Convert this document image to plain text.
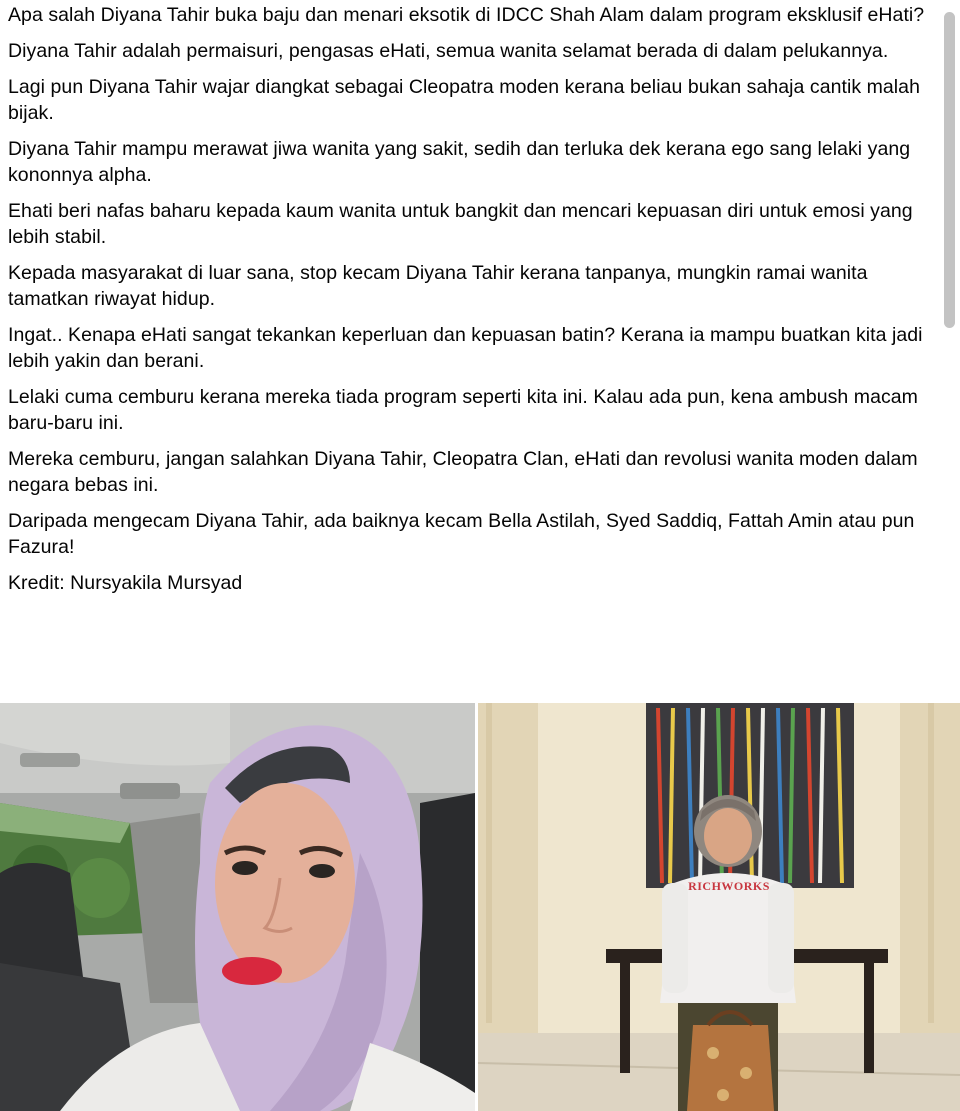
Apa salah Diyana Tahir buka baju dan menari eksotik di IDCC Shah Alam dalam program eksklusif eHati?

Diyana Tahir adalah permaisuri, pengasas eHati, semua wanita selamat berada di dalam pelukannya.

Lagi pun Diyana Tahir wajar diangkat sebagai Cleopatra moden kerana beliau bukan sahaja cantik malah bijak.

Diyana Tahir mampu merawat jiwa wanita yang sakit, sedih dan terluka dek kerana ego sang lelaki yang kononnya alpha.

Ehati beri nafas baharu kepada kaum wanita untuk bangkit dan mencari kepuasan diri untuk emosi yang lebih stabil.

Kepada masyarakat di luar sana, stop kecam Diyana Tahir kerana tanpanya, mungkin ramai wanita tamatkan riwayat hidup.

Ingat.. Kenapa eHati sangat tekankan keperluan dan kepuasan batin? Kerana ia mampu buatkan kita jadi lebih yakin dan berani.

Lelaki cuma cemburu kerana mereka tiada program seperti kita ini. Kalau ada pun, kena ambush macam baru-baru ini.

Mereka cemburu, jangan salahkan Diyana Tahir, Cleopatra Clan, eHati dan revolusi wanita moden dalam negara bebas ini.

Daripada mengecam Diyana Tahir, ada baiknya kecam Bella Astilah, Syed Saddiq, Fattah Amin atau pun Fazura!

Kredit: Nursyakila Mursyad

RICHWORKS
